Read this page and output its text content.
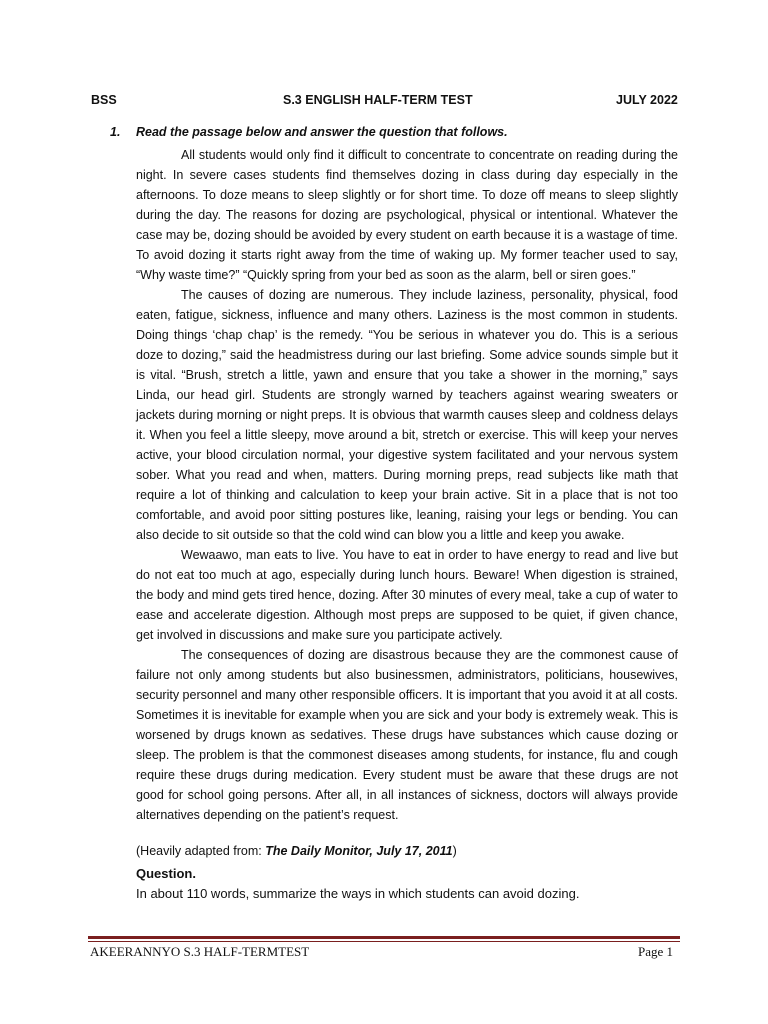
BSS	S.3 ENGLISH HALF-TERM TEST	JULY 2022
1. Read the passage below and answer the question that follows.

All students would only find it difficult to concentrate to concentrate on reading during the night. In severe cases students find themselves dozing in class during day especially in the afternoons. To doze means to sleep slightly or for short time. To doze off means to sleep slightly during the day. The reasons for dozing are psychological, physical or intentional. Whatever the case may be, dozing should be avoided by every student on earth because it is a wastage of time. To avoid dozing it starts right away from the time of waking up. My former teacher used to say, “Why waste time?” “Quickly spring from your bed as soon as the alarm, bell or siren goes.”

The causes of dozing are numerous. They include laziness, personality, physical, food eaten, fatigue, sickness, influence and many others. Laziness is the most common in students. Doing things ‘chap chap’ is the remedy. “You be serious in whatever you do. This is a serious doze to dozing,” said the headmistress during our last briefing. Some advice sounds simple but it is vital. “Brush, stretch a little, yawn and ensure that you take a shower in the morning,” says Linda, our head girl. Students are strongly warned by teachers against wearing sweaters or jackets during morning or night preps. It is obvious that warmth causes sleep and coldness delays it. When you feel a little sleepy, move around a bit, stretch or exercise. This will keep your nerves active, your blood circulation normal, your digestive system facilitated and your nervous system sober. What you read and when, matters. During morning preps, read subjects like math that require a lot of thinking and calculation to keep your brain active. Sit in a place that is not too comfortable, and avoid poor sitting postures like, leaning, raising your legs or bending. You can also decide to sit outside so that the cold wind can blow you a little and keep you awake.

Wewaawo, man eats to live. You have to eat in order to have energy to read and live but do not eat too much at ago, especially during lunch hours. Beware! When digestion is strained, the body and mind gets tired hence, dozing. After 30 minutes of every meal, take a cup of water to ease and accelerate digestion. Although most preps are supposed to be quiet, if given chance, get involved in discussions and make sure you participate actively.

The consequences of dozing are disastrous because they are the commonest cause of failure not only among students but also businessmen, administrators, politicians, housewives, security personnel and many other responsible officers. It is important that you avoid it at all costs. Sometimes it is inevitable for example when you are sick and your body is extremely weak. This is worsened by drugs known as sedatives. These drugs have substances which cause dozing or sleep. The problem is that the commonest diseases among students, for instance, flu and cough require these drugs during medication. Every student must be aware that these drugs are not good for school going persons. After all, in all instances of sickness, doctors will always provide alternatives depending on the patient’s request.

(Heavily adapted from: The Daily Monitor, July 17, 2011)
Question.
In about 110 words, summarize the ways in which students can avoid dozing.
AKEERANNYO S.3 HALF-TERMTEST	Page 1
